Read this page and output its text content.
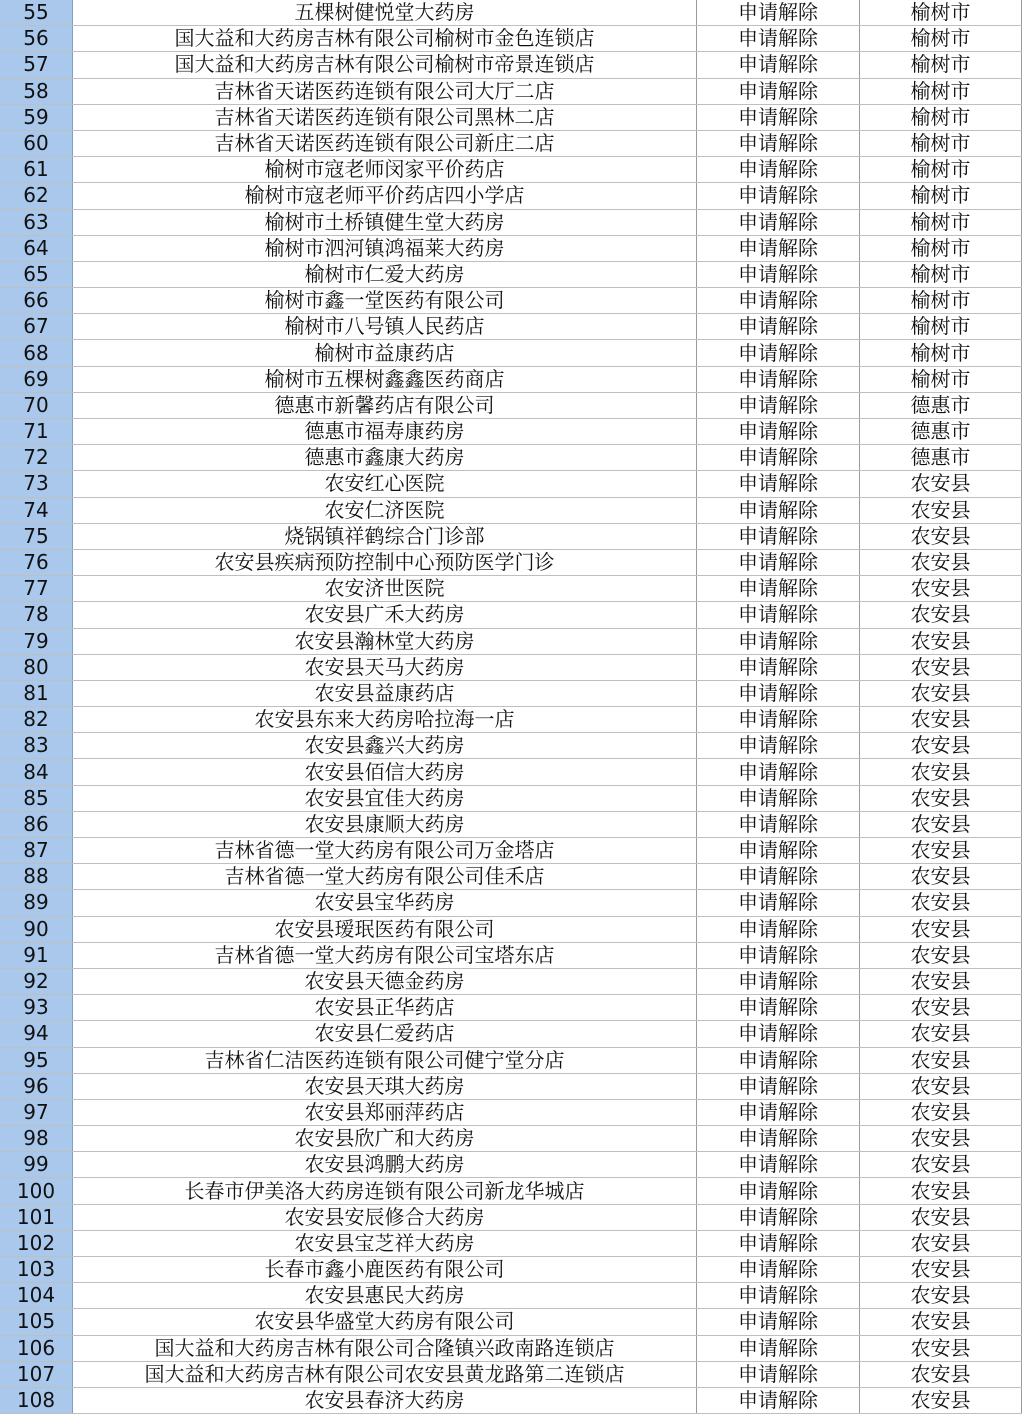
55	五棵树健悦堂大药房	申请解除	榆树市
56	国大益和大药房吉林有限公司榆树市金色连锁店	申请解除	榆树市
57	国大益和大药房吉林有限公司榆树市帝景连锁店	申请解除	榆树市
58	吉林省天诺医药连锁有限公司大厅二店	申请解除	榆树市
59	吉林省天诺医药连锁有限公司黑林二店	申请解除	榆树市
60	吉林省天诺医药连锁有限公司新庄二店	申请解除	榆树市
61	榆树市寇老师闵家平价药店	申请解除	榆树市
62	榆树市寇老师平价药店四小学店	申请解除	榆树市
63	榆树市土桥镇健生堂大药房	申请解除	榆树市
64	榆树市泗河镇鸿福莱大药房	申请解除	榆树市
65	榆树市仁爱大药房	申请解除	榆树市
66	榆树市鑫一堂医药有限公司	申请解除	榆树市
67	榆树市八号镇人民药店	申请解除	榆树市
68	榆树市益康药店	申请解除	榆树市
69	榆树市五棵树鑫鑫医药商店	申请解除	榆树市
70	德惠市新馨药店有限公司	申请解除	德惠市
71	德惠市福寿康药房	申请解除	德惠市
72	德惠市鑫康大药房	申请解除	德惠市
73	农安红心医院	申请解除	农安县
74	农安仁济医院	申请解除	农安县
75	烧锅镇祥鹤综合门诊部	申请解除	农安县
76	农安县疾病预防控制中心预防医学门诊	申请解除	农安县
77	农安济世医院	申请解除	农安县
78	农安县广禾大药房	申请解除	农安县
79	农安县瀚林堂大药房	申请解除	农安县
80	农安县天马大药房	申请解除	农安县
81	农安县益康药店	申请解除	农安县
82	农安县东来大药房哈拉海一店	申请解除	农安县
83	农安县鑫兴大药房	申请解除	农安县
84	农安县佰信大药房	申请解除	农安县
85	农安县宜佳大药房	申请解除	农安县
86	农安县康顺大药房	申请解除	农安县
87	吉林省德一堂大药房有限公司万金塔店	申请解除	农安县
88	吉林省德一堂大药房有限公司佳禾店	申请解除	农安县
89	农安县宝华药房	申请解除	农安县
90	农安县瑷珉医药有限公司	申请解除	农安县
91	吉林省德一堂大药房有限公司宝塔东店	申请解除	农安县
92	农安县天德金药房	申请解除	农安县
93	农安县正华药店	申请解除	农安县
94	农安县仁爱药店	申请解除	农安县
95	吉林省仁洁医药连锁有限公司健宁堂分店	申请解除	农安县
96	农安县天琪大药房	申请解除	农安县
97	农安县郑丽萍药店	申请解除	农安县
98	农安县欣广和大药房	申请解除	农安县
99	农安县鸿鹏大药房	申请解除	农安县
100	长春市伊美洛大药房连锁有限公司新龙华城店	申请解除	农安县
101	农安县安辰修合大药房	申请解除	农安县
102	农安县宝芝祥大药房	申请解除	农安县
103	长春市鑫小鹿医药有限公司	申请解除	农安县
104	农安县惠民大药房	申请解除	农安县
105	农安县华盛堂大药房有限公司	申请解除	农安县
106	国大益和大药房吉林有限公司合隆镇兴政南路连锁店	申请解除	农安县
107	国大益和大药房吉林有限公司农安县黄龙路第二连锁店	申请解除	农安县
108	农安县春济大药房	申请解除	农安县
